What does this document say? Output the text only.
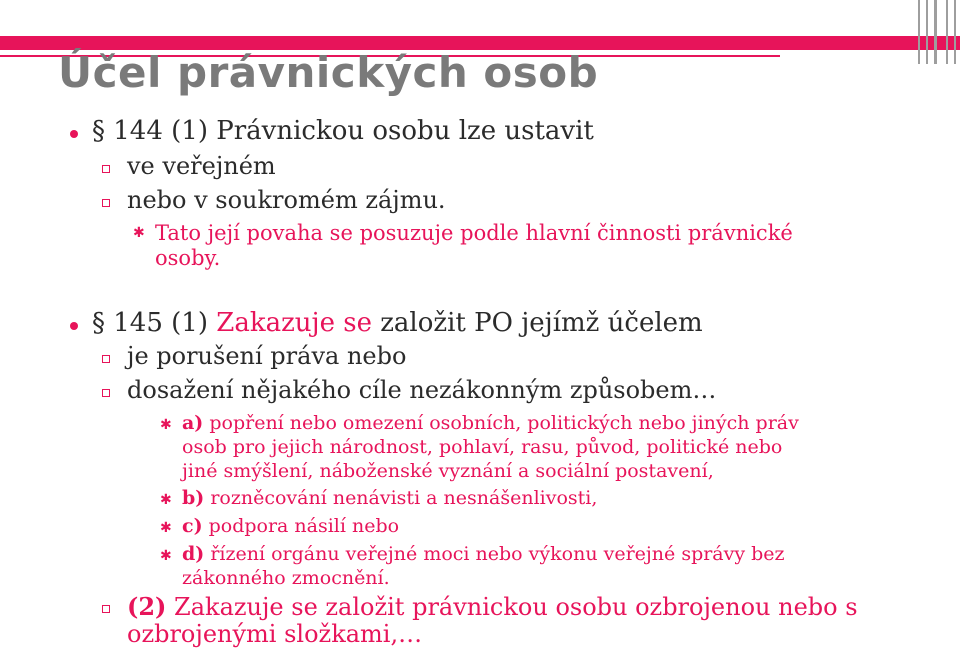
Účel právnických osob
§ 144 (1) Právnickou osobu lze ustavit
ve veřejném
nebo v soukromém zájmu.
✱ Tato její povaha se posuzuje podle hlavní činnosti právnické
osoby.
§ 145 (1) Zakazuje se založit PO jejímž účelem
je porušení práva nebo
dosažení nějakého cíle nezákonným způsobem…
✱ a) popření nebo omezení osobních, politických nebo jiných práv
osob pro jejich národnost, pohlaví, rasu, původ, politické nebo
jiné smýšlení, náboženské vyznání a sociální postavení,
✱ b) rozněcování nenávisti a nesnášenlivosti,
✱ c) podpora násilí nebo
✱ d) řízení orgánu veřejné moci nebo výkonu veřejné správy bez
zákonného zmocnění.
(2) Zakazuje se založit právnickou osobu ozbrojenou nebo s
ozbrojenými složkami,…
